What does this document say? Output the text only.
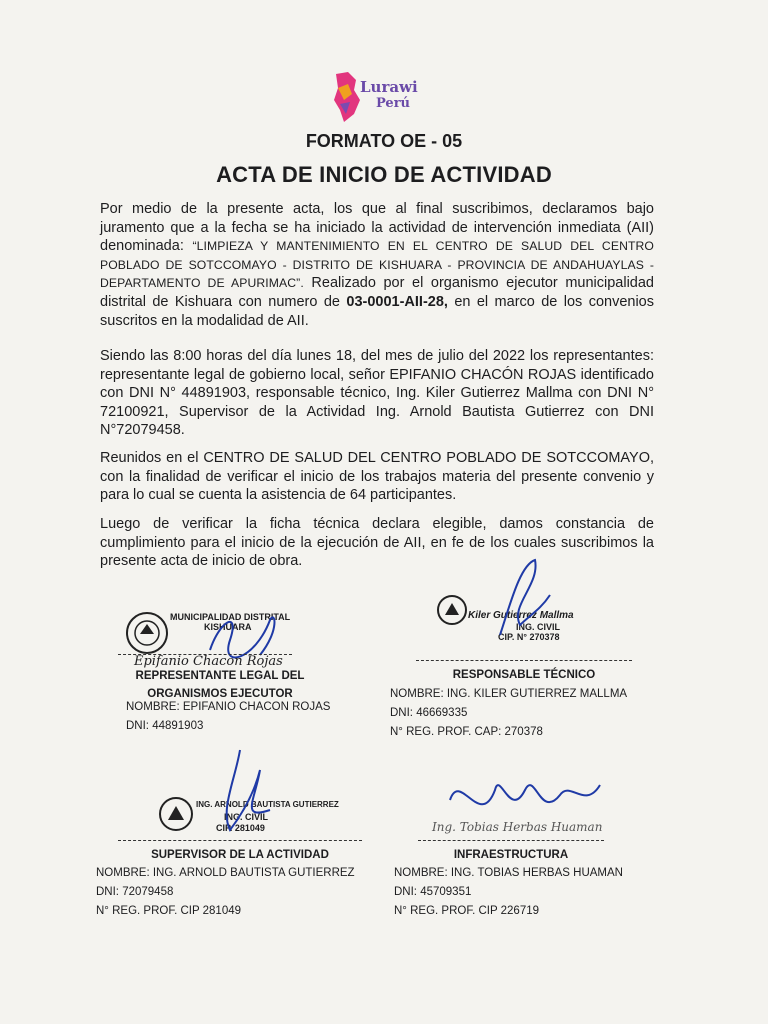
Lurawi
Perú
FORMATO OE - 05
ACTA DE INICIO DE ACTIVIDAD
Por medio de la presente acta, los que al final suscribimos, declaramos bajo juramento que a la fecha se ha iniciado la actividad de intervención inmediata (AII) denominada: “LIMPIEZA Y MANTENIMIENTO EN EL CENTRO DE SALUD DEL CENTRO POBLADO DE SOTCCOMAYO - DISTRITO DE KISHUARA - PROVINCIA DE ANDAHUAYLAS - DEPARTAMENTO DE APURIMAC”. Realizado por el organismo ejecutor municipalidad distrital de Kishuara con numero de 03-0001-AII-28, en el marco de los convenios suscritos en la modalidad de AII.
Siendo las 8:00 horas del día lunes 18, del mes de julio del 2022 los representantes: representante legal de gobierno local, señor EPIFANIO CHACÓN ROJAS identificado con DNI N° 44891903, responsable técnico, Ing. Kiler Gutierrez Mallma con DNI N° 72100921, Supervisor de la Actividad Ing. Arnold Bautista Gutierrez con DNI N°72079458.
Reunidos en el CENTRO DE SALUD DEL CENTRO POBLADO DE SOTCCOMAYO, con la finalidad de verificar el inicio de los trabajos materia del presente convenio y para lo cual se cuenta la asistencia de 64 participantes.
Luego de verificar la ficha técnica declara elegible, damos constancia de cumplimiento para el inicio de la ejecución de AII, en fe de los cuales suscribimos la presente acta de inicio de obra.
MUNICIPALIDAD DISTRITAL
KISHUARA
Epifanio Chacon Rojas
REPRESENTANTE LEGAL DEL
ORGANISMOS EJECUTOR
NOMBRE: EPIFANIO CHACON ROJAS
DNI: 44891903
Kiler Gutierrez Mallma
ING. CIVIL
CIP. N° 270378
RESPONSABLE TÉCNICO
NOMBRE: ING. KILER GUTIERREZ MALLMA
DNI: 46669335
N° REG. PROF. CAP: 270378
ING. ARNOLD BAUTISTA GUTIERREZ
ING. CIVIL
CIP. 281049
SUPERVISOR DE LA ACTIVIDAD
NOMBRE: ING. ARNOLD BAUTISTA GUTIERREZ
DNI: 72079458
N° REG. PROF. CIP 281049
Ing. Tobias Herbas Huaman
INFRAESTRUCTURA
NOMBRE: ING. TOBIAS HERBAS HUAMAN
DNI: 45709351
N° REG. PROF. CIP 226719
